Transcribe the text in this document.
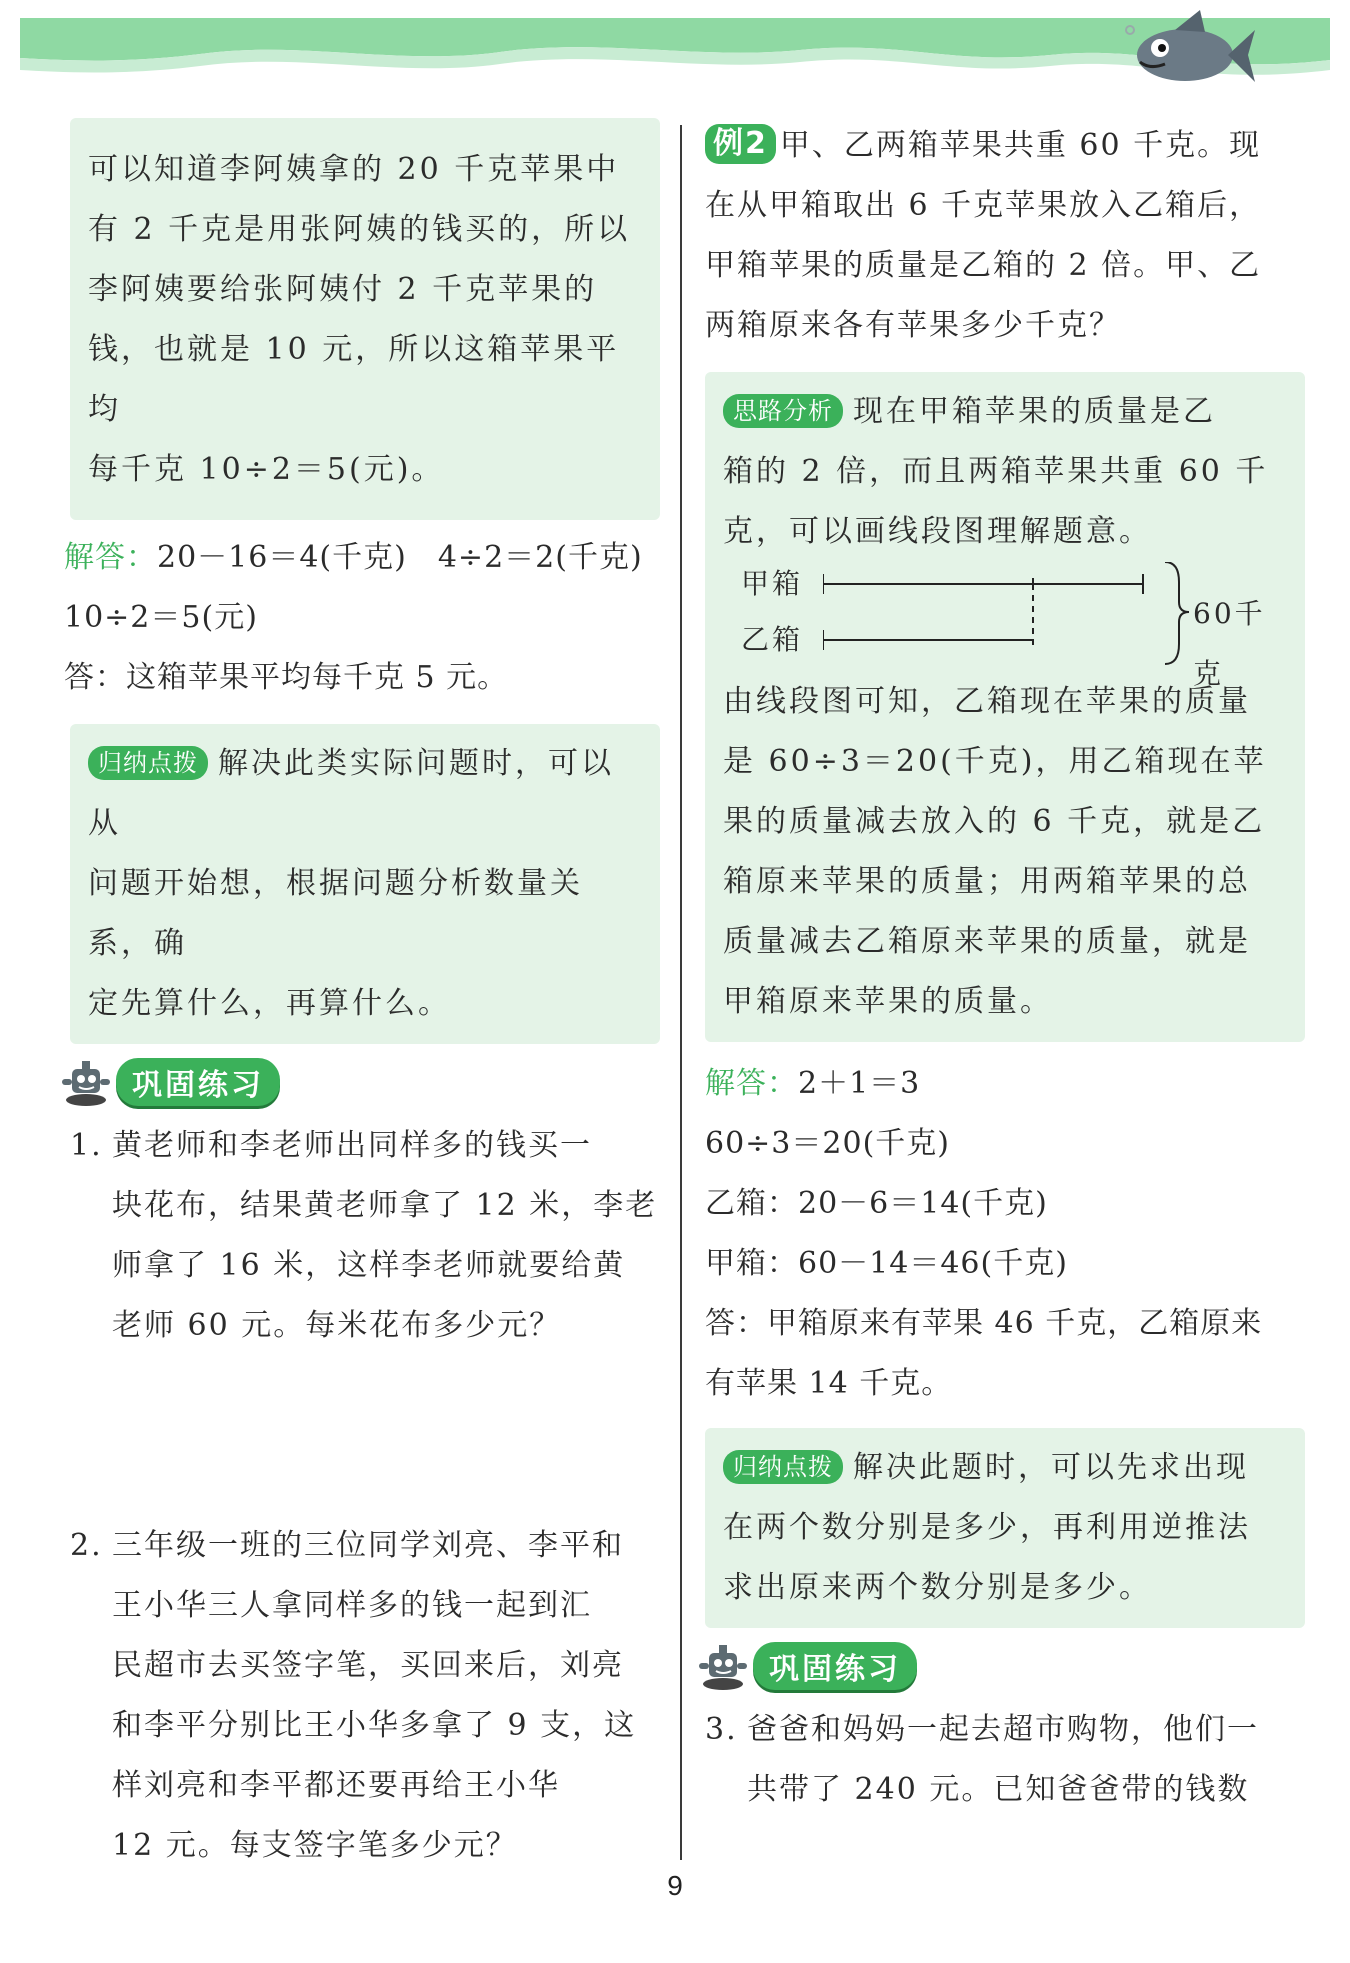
可以知道李阿姨拿的 20 千克苹果中
有 2 千克是用张阿姨的钱买的，所以
李阿姨要给张阿姨付 2 千克苹果的
钱，也就是 10 元，所以这箱苹果平均
每千克 10÷2＝5(元)。
解答：20－16＝4(千克)　4÷2＝2(千克)
10÷2＝5(元)
答：这箱苹果平均每千克 5 元。
归纳点拨 解决此类实际问题时，可以从
问题开始想，根据问题分析数量关系，确
定先算什么，再算什么。
巩固练习
1. 黄老师和李老师出同样多的钱买一
块花布，结果黄老师拿了 12 米，李老
师拿了 16 米，这样李老师就要给黄
老师 60 元。每米花布多少元？
2. 三年级一班的三位同学刘亮、李平和
王小华三人拿同样多的钱一起到汇
民超市去买签字笔，买回来后，刘亮
和李平分别比王小华多拿了 9 支，这
样刘亮和李平都还要再给王小华
12 元。每支签字笔多少元？
例2 甲、乙两箱苹果共重 60 千克。现
在从甲箱取出 6 千克苹果放入乙箱后，
甲箱苹果的质量是乙箱的 2 倍。甲、乙
两箱原来各有苹果多少千克？
思路分析 现在甲箱苹果的质量是乙
箱的 2 倍，而且两箱苹果共重 60 千
克，可以画线段图理解题意。
甲箱
乙箱
60千克
由线段图可知，乙箱现在苹果的质量
是 60÷3＝20(千克)，用乙箱现在苹
果的质量减去放入的 6 千克，就是乙
箱原来苹果的质量；用两箱苹果的总
质量减去乙箱原来苹果的质量，就是
甲箱原来苹果的质量。
解答：2＋1＝3
60÷3＝20(千克)
乙箱：20－6＝14(千克)
甲箱：60－14＝46(千克)
答：甲箱原来有苹果 46 千克，乙箱原来
有苹果 14 千克。
归纳点拨 解决此题时，可以先求出现
在两个数分别是多少，再利用逆推法
求出原来两个数分别是多少。
巩固练习
3. 爸爸和妈妈一起去超市购物，他们一
共带了 240 元。已知爸爸带的钱数
9
